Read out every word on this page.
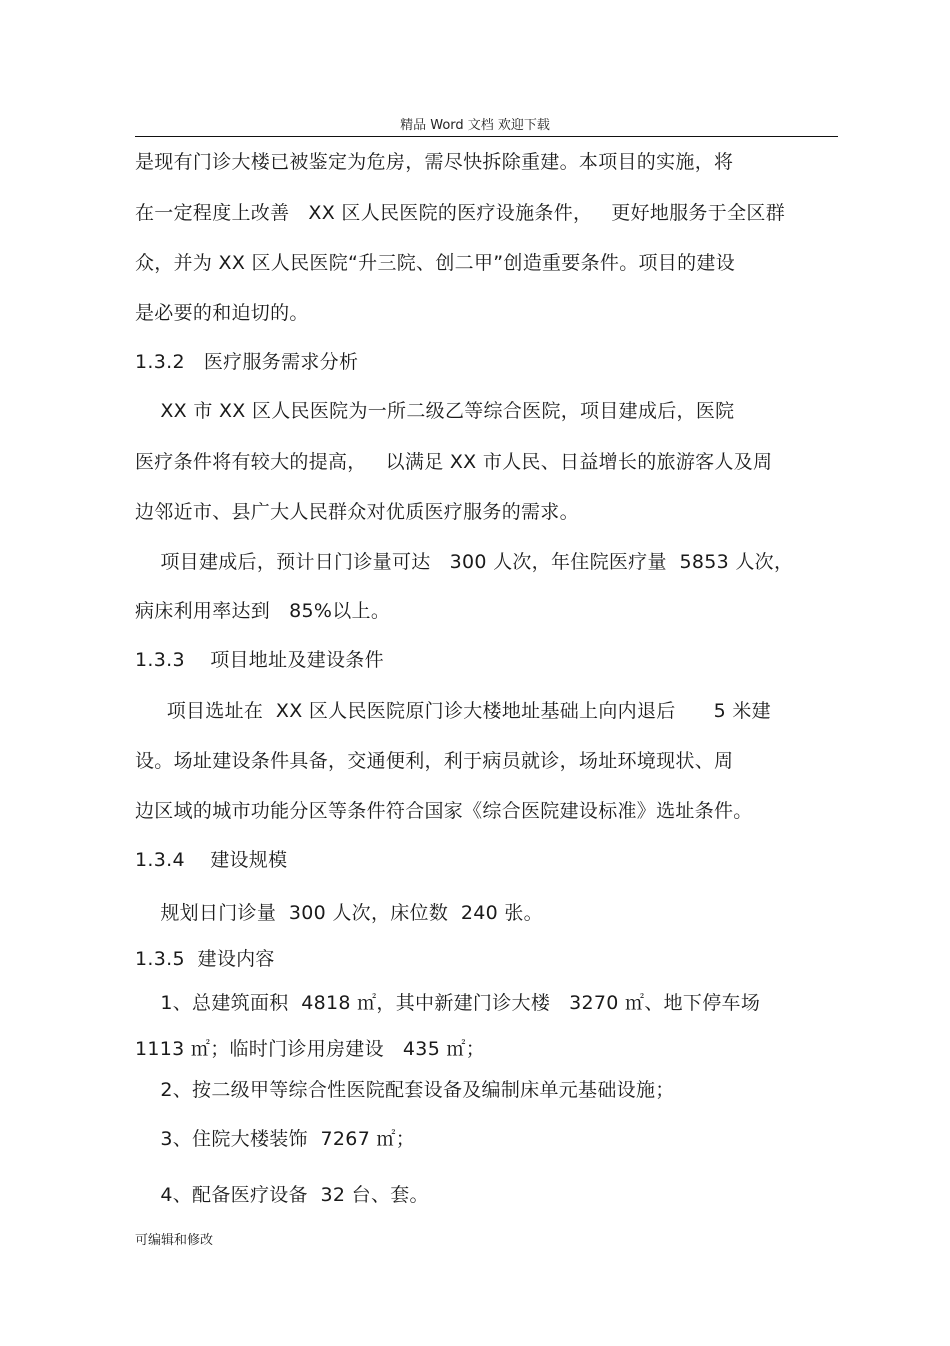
精品 Word 文档 欢迎下载
是现有门诊大楼已被鉴定为危房，需尽快拆除重建。本项目的实施，将
在一定程度上改善   XX 区人民医院的医疗设施条件，   更好地服务于全区群
众，并为 XX 区人民医院“升三院、创二甲”创造重要条件。项目的建设
是必要的和迫切的。
1.3.2   医疗服务需求分析
XX 市 XX 区人民医院为一所二级乙等综合医院，项目建成后，医院
医疗条件将有较大的提高，   以满足 XX 市人民、日益增长的旅游客人及周
边邻近市、县广大人民群众对优质医疗服务的需求。
项目建成后，预计日门诊量可达   300 人次，年住院医疗量  5853 人次，
病床利用率达到   85%以上。
1.3.3    项目地址及建设条件
项目选址在  XX 区人民医院原门诊大楼地址基础上向内退后      5 米建
设。场址建设条件具备，交通便利，利于病员就诊，场址环境现状、周
边区域的城市功能分区等条件符合国家《综合医院建设标准》选址条件。
1.3.4    建设规模
规划日门诊量  300 人次，床位数  240 张。
1.3.5  建设内容
1、总建筑面积  4818 ㎡，其中新建门诊大楼   3270 ㎡、地下停车场
1113 ㎡；临时门诊用房建设   435 ㎡；
2、按二级甲等综合性医院配套设备及编制床单元基础设施；
3、住院大楼装饰  7267 ㎡；
4、配备医疗设备  32 台、套。
可编辑和修改
